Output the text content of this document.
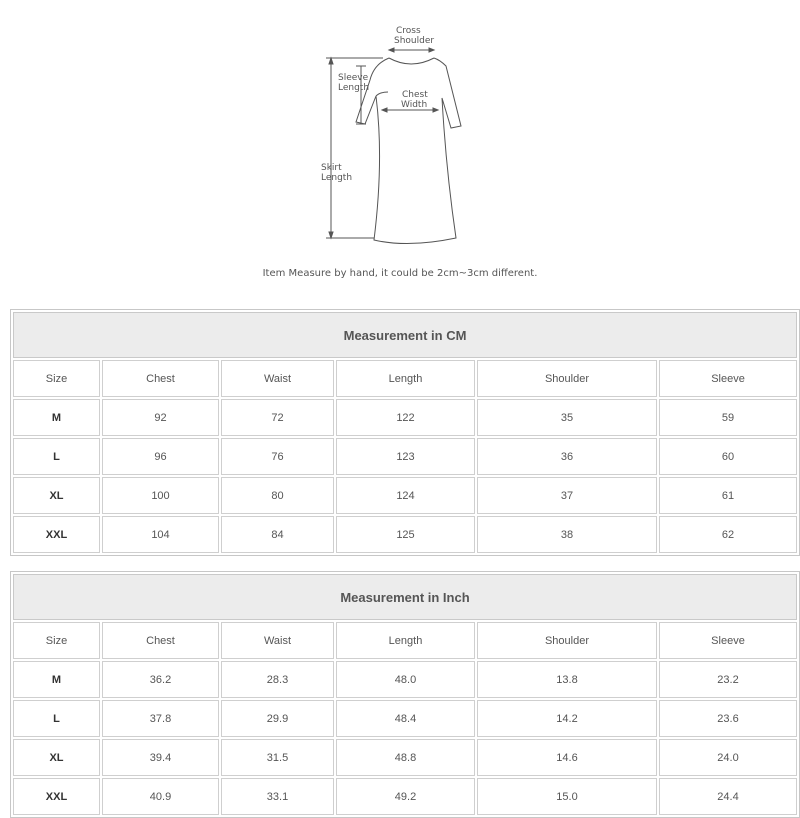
Cross
Shoulder
Sleeve
Length
Chest
Width
Skirt
Length
Item Measure by hand, it could be 2cm~3cm different.
Measurement in CM					
Size	Chest	Waist	Length	Shoulder	Sleeve
M	92	72	122	35	59
L	96	76	123	36	60
XL	100	80	124	37	61
XXL	104	84	125	38	62
Measurement in Inch					
Size	Chest	Waist	Length	Shoulder	Sleeve
M	36.2	28.3	48.0	13.8	23.2
L	37.8	29.9	48.4	14.2	23.6
XL	39.4	31.5	48.8	14.6	24.0
XXL	40.9	33.1	49.2	15.0	24.4
